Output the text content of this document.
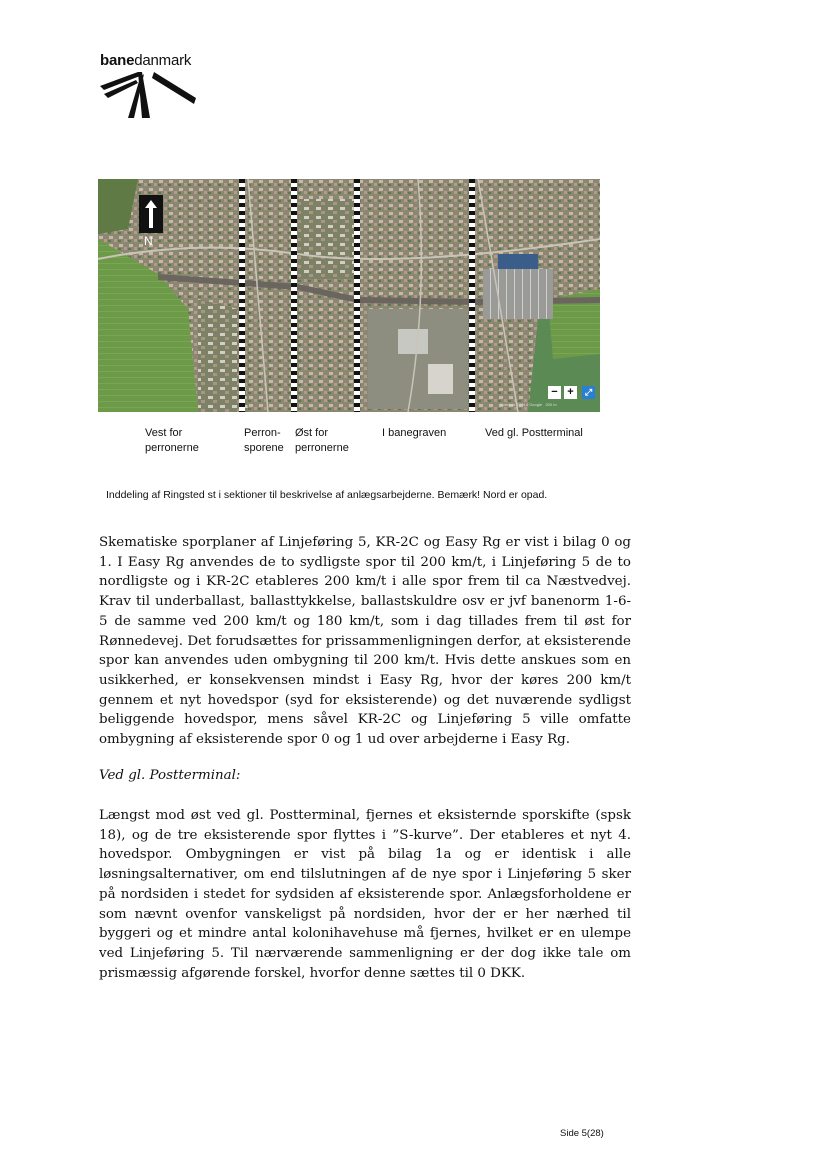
banedanmark
N
− +	⤢
Kortdata ©2014 Google 200 m
Vest for
perronerne
Perron-
sporene
Øst for
perronerne
I banegraven	Ved gl. Postterminal
Inddeling af Ringsted st i sektioner til beskrivelse af anlægsarbejderne. Bemærk! Nord er opad.
Skematiske sporplaner af Linjeføring 5, KR-2C og Easy Rg er vist i bilag 0 og 1. I Easy Rg anvendes de to sydligste spor til 200 km/t, i Linjeføring 5 de to nordligste og i KR-2C etableres 200 km/t i alle spor frem til ca Næstvedvej. Krav til underballast, ballasttykkelse, ballastskuldre osv er jvf banenorm 1-6-5 de samme ved 200 km/t og 180 km/t, som i dag tillades frem til øst for Rønnedevej. Det forudsættes for prissammenligningen derfor, at eksisterende spor kan anvendes uden ombygning til 200 km/t. Hvis dette anskues som en usikkerhed, er konsekvensen mindst i Easy Rg, hvor der køres 200 km/t gennem et nyt hovedspor (syd for eksisterende) og det nuværende sydligst beliggende hovedspor, mens såvel KR-2C og Linjeføring 5 ville omfatte ombygning af eksisterende spor 0 og 1 ud over arbejderne i Easy Rg.
Ved gl. Postterminal:
Længst mod øst ved gl. Postterminal, fjernes et eksisternde sporskifte (spsk 18), og de tre eksisterende spor flyttes i ”S-kurve”. Der etableres et nyt 4. hovedspor. Ombygningen er vist på bilag 1a og er identisk i alle løsningsalternativer, om end tilslutningen af de nye spor i Linjeføring 5 sker på nordsiden i stedet for sydsiden af eksisterende spor. Anlægsforholdene er som nævnt ovenfor vanskeligst på nordsiden, hvor der er her nærhed til byggeri og et mindre antal kolonihavehuse må fjernes, hvilket er en ulempe ved Linjeføring 5. Til nærværende sammenligning er der dog ikke tale om prismæssig afgørende forskel, hvorfor denne sættes til 0 DKK.
Side 5(28)
